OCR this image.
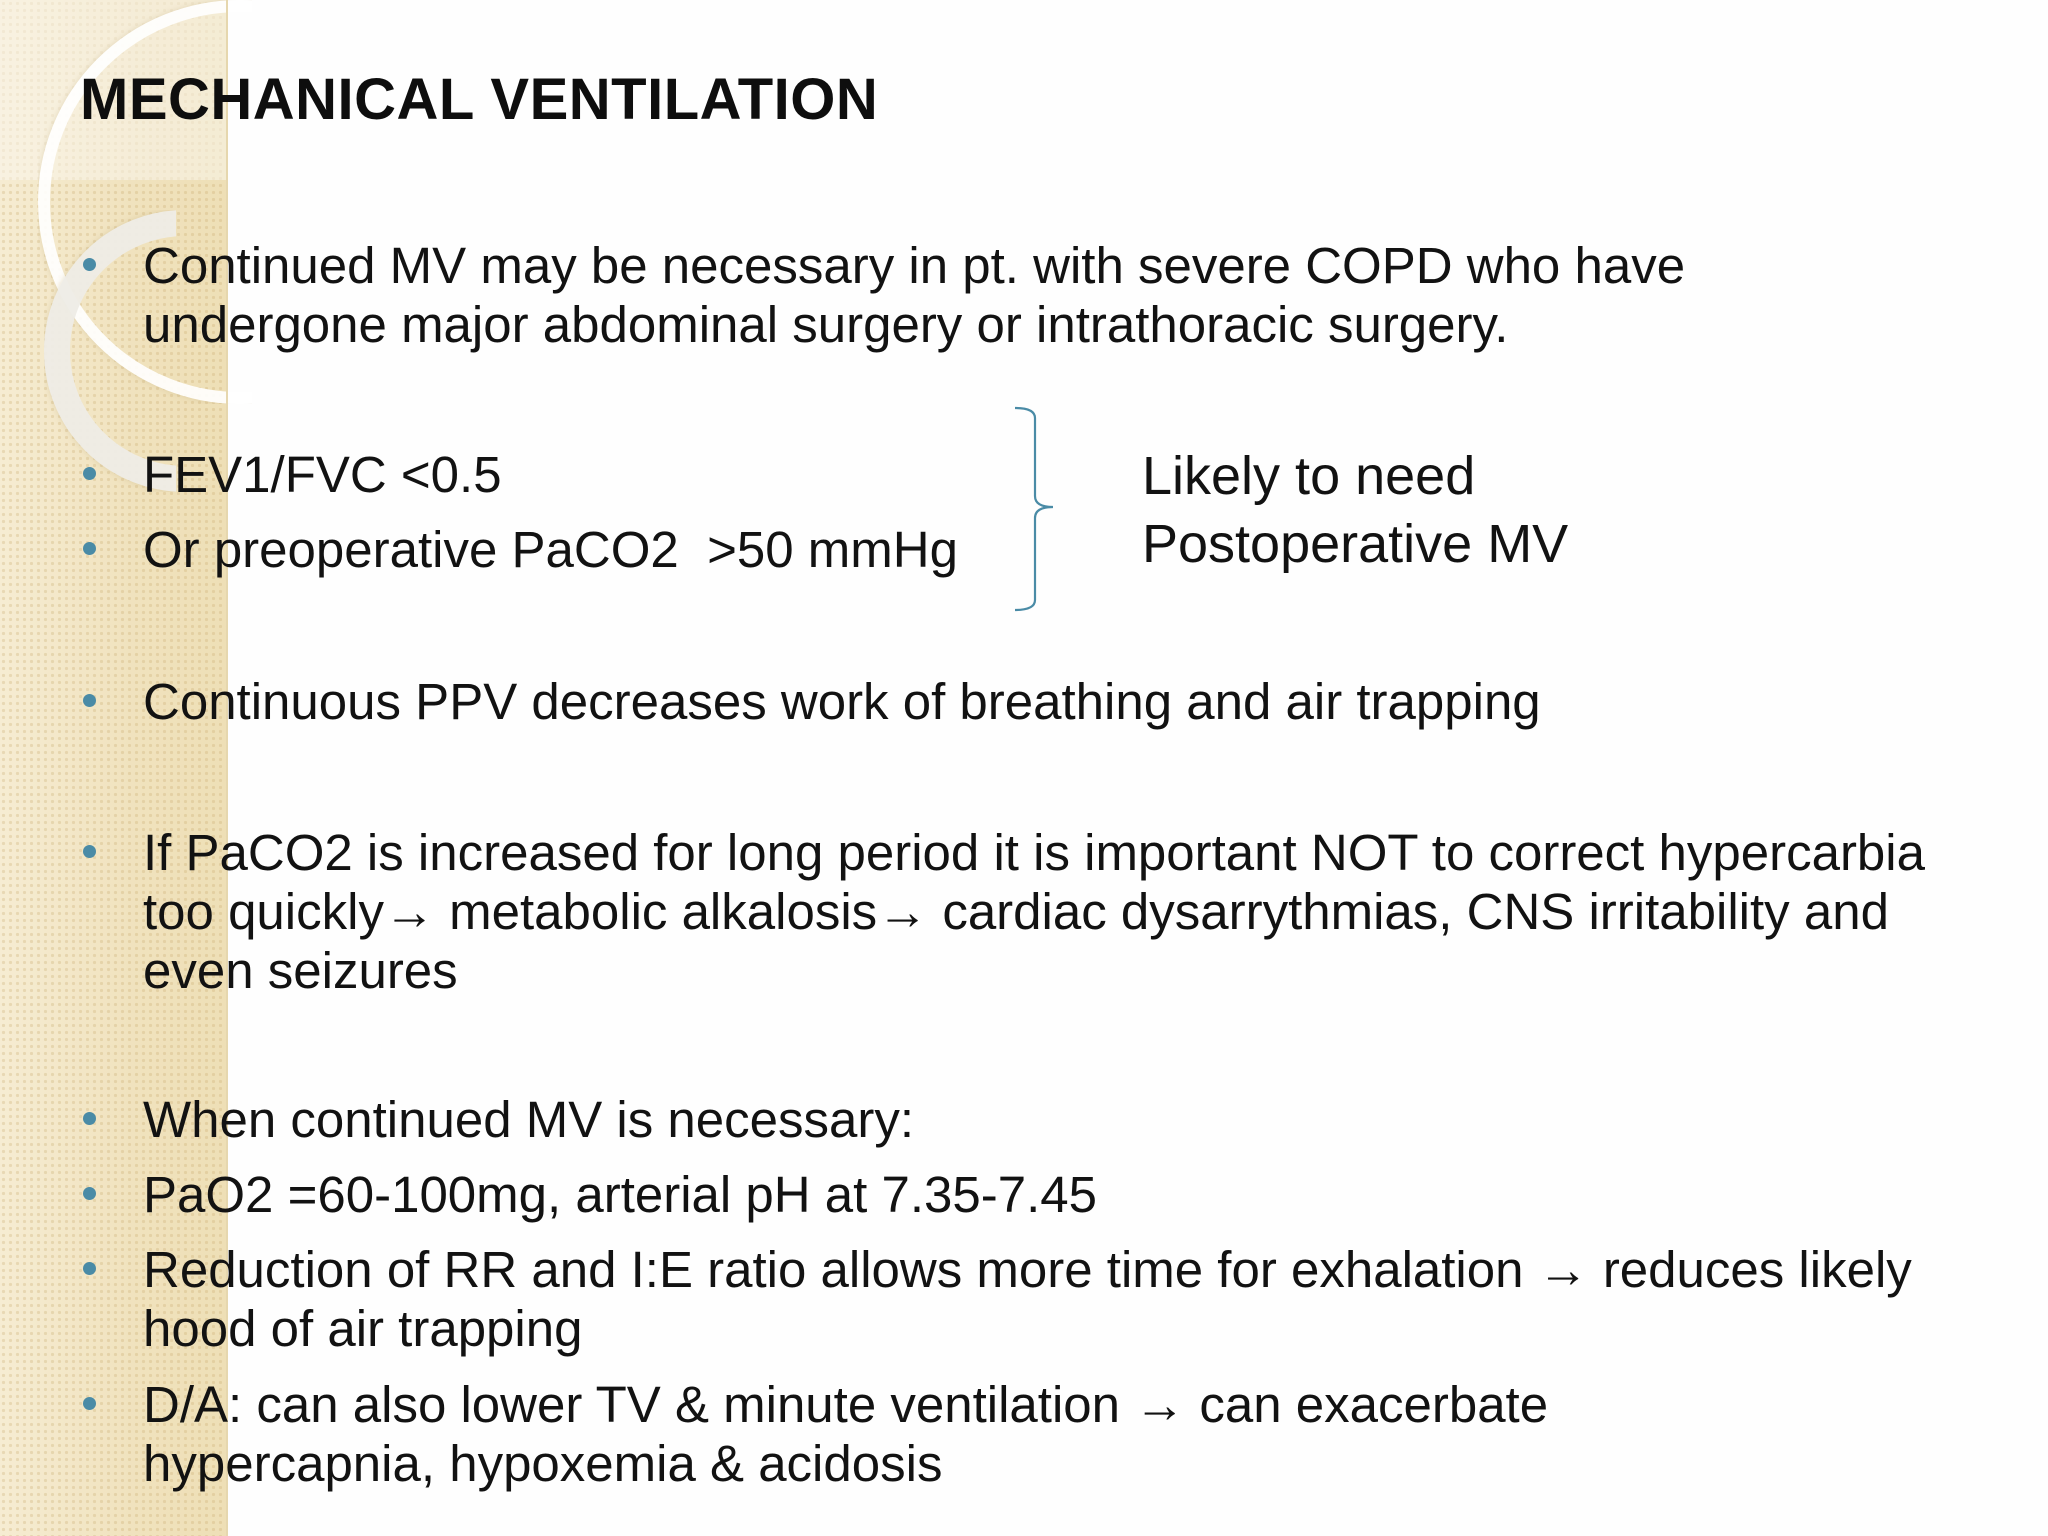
MECHANICAL VENTILATION
Continued MV may be necessary in pt. with severe COPD who have undergone major abdominal surgery or intrathoracic surgery.
FEV1/FVC <0.5
Or preoperative PaCO2  >50 mmHg
Likely to need
Postoperative MV
Continuous PPV decreases work of breathing and air trapping
If PaCO2 is increased for long period it is important NOT to correct hypercarbia too quickly→ metabolic alkalosis→ cardiac dysarrythmias, CNS irritability and even seizures
When continued MV is necessary:
PaO2 =60-100mg, arterial pH at 7.35-7.45
Reduction of RR and I:E ratio allows more time for exhalation → reduces likely hood of air trapping
D/A: can also lower TV & minute ventilation → can exacerbate hypercapnia, hypoxemia & acidosis
